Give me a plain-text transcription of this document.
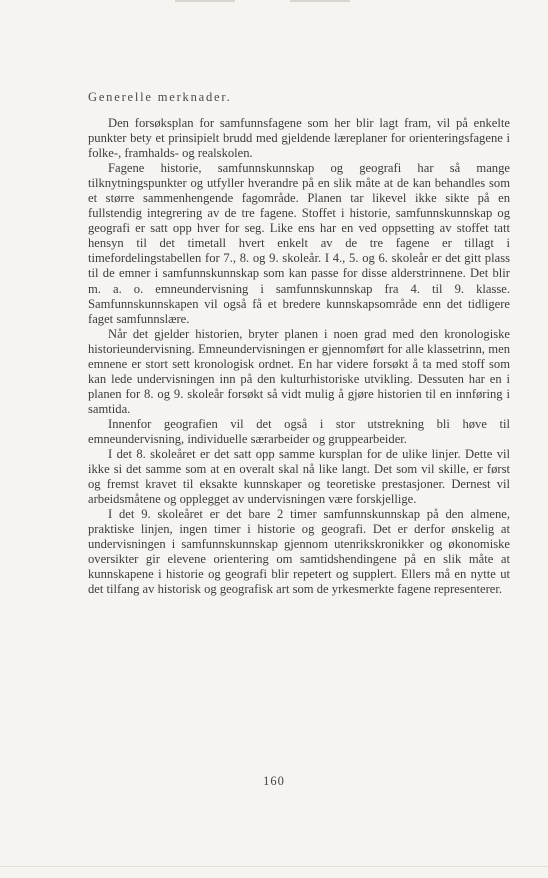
Generelle merknader.

Den forsøksplan for samfunnsfagene som her blir lagt fram, vil på enkelte punkter bety et prinsipielt brudd med gjeldende læreplaner for orienteringsfagene i folke-, framhalds- og realskolen.

Fagene historie, samfunnskunnskap og geografi har så mange tilknytningspunkter og utfyller hverandre på en slik måte at de kan behandles som et større sammenhengende fagområde. Planen tar likevel ikke sikte på en fullstendig integrering av de tre fagene. Stoffet i historie, samfunnskunnskap og geografi er satt opp hver for seg. Like ens har en ved oppsetting av stoffet tatt hensyn til det timetall hvert enkelt av de tre fagene er tillagt i timefordelingstabellen for 7., 8. og 9. skoleår. I 4., 5. og 6. skoleår er det gitt plass til de emner i samfunnskunnskap som kan passe for disse alderstrinnene. Det blir m. a. o. emneundervisning i samfunnskunnskap fra 4. til 9. klasse. Samfunnskunnskapen vil også få et bredere kunnskapsområde enn det tidligere faget samfunnslære.

Når det gjelder historien, bryter planen i noen grad med den kronologiske historieundervisning. Emneundervisningen er gjennomført for alle klassetrinn, men emnene er stort sett kronologisk ordnet. En har videre forsøkt å ta med stoff som kan lede undervisningen inn på den kulturhistoriske utvikling. Dessuten har en i planen for 8. og 9. skoleår forsøkt så vidt mulig å gjøre historien til en innføring i samtida.

Innenfor geografien vil det også i stor utstrekning bli høve til emneundervisning, individuelle særarbeider og gruppearbeider.

I det 8. skoleåret er det satt opp samme kursplan for de ulike linjer. Dette vil ikke si det samme som at en overalt skal nå like langt. Det som vil skille, er først og fremst kravet til eksakte kunnskaper og teoretiske prestasjoner. Dernest vil arbeidsmåtene og opplegget av undervisningen være forskjellige.

I det 9. skoleåret er det bare 2 timer samfunnskunnskap på den almene, praktiske linjen, ingen timer i historie og geografi. Det er derfor ønskelig at undervisningen i samfunnskunnskap gjennom utenrikskronikker og økonomiske oversikter gir elevene orientering om samtidshendingene på en slik måte at kunnskapene i historie og geografi blir repetert og supplert. Ellers må en nytte ut det tilfang av historisk og geografisk art som de yrkesmerkte fagene representerer.

160
